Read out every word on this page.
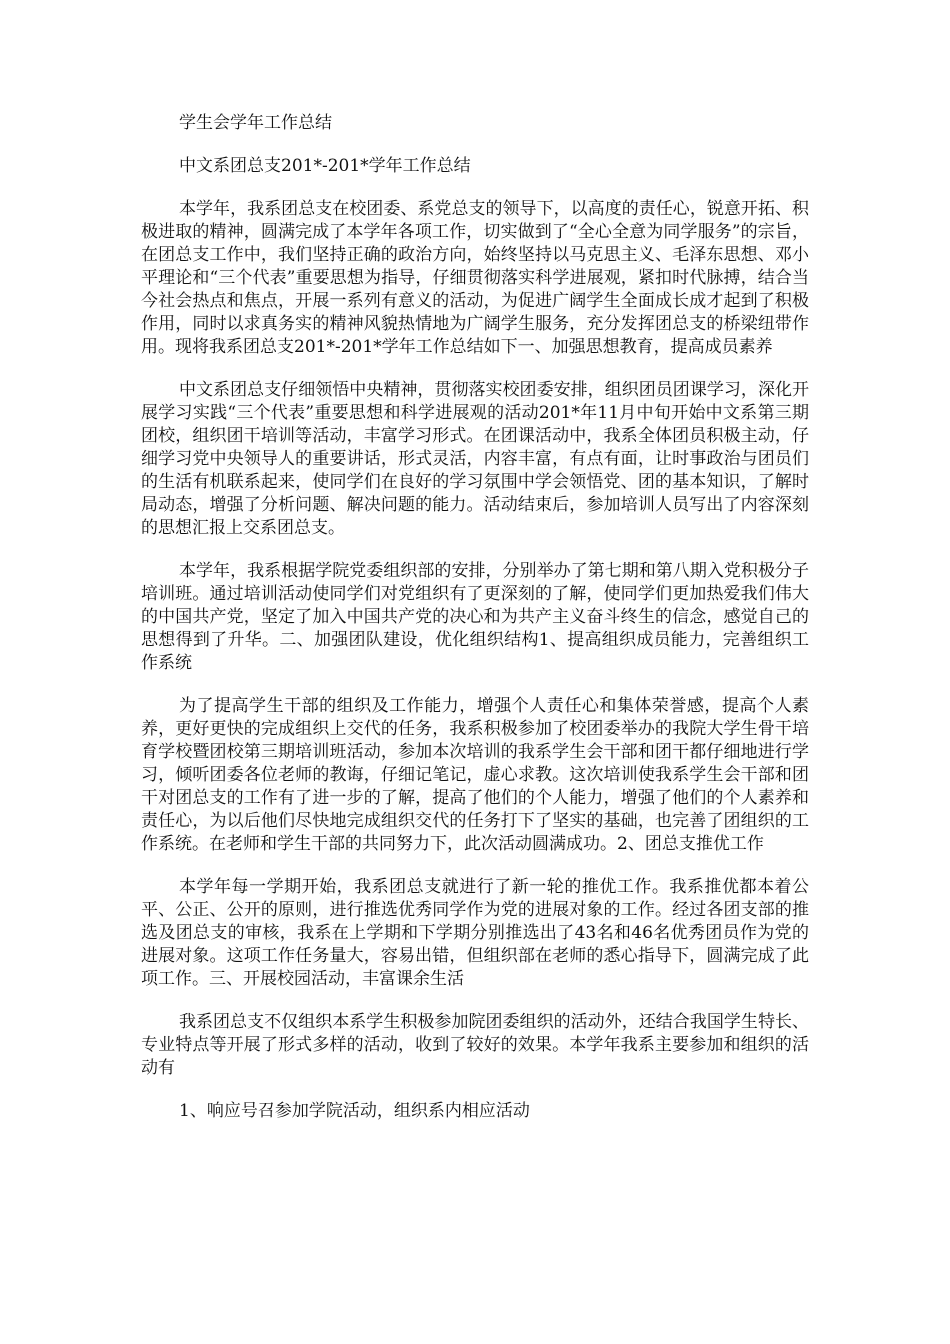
学生会学年工作总结

中文系团总支201*-201*学年工作总结

本学年，我系团总支在校团委、系党总支的领导下，以高度的责任心，锐意开拓、积极进取的精神，圆满完成了本学年各项工作，切实做到了“全心全意为同学服务”的宗旨，在团总支工作中，我们坚持正确的政治方向，始终坚持以马克思主义、毛泽东思想、邓小平理论和“三个代表”重要思想为指导，仔细贯彻落实科学进展观，紧扣时代脉搏，结合当今社会热点和焦点，开展一系列有意义的活动，为促进广阔学生全面成长成才起到了积极作用，同时以求真务实的精神风貌热情地为广阔学生服务，充分发挥团总支的桥梁纽带作用。现将我系团总支201*-201*学年工作总结如下一、加强思想教育，提高成员素养

中文系团总支仔细领悟中央精神，贯彻落实校团委安排，组织团员团课学习，深化开展学习实践“三个代表”重要思想和科学进展观的活动201*年11月中旬开始中文系第三期团校，组织团干培训等活动，丰富学习形式。在团课活动中，我系全体团员积极主动，仔细学习党中央领导人的重要讲话，形式灵活，内容丰富，有点有面，让时事政治与团员们的生活有机联系起来，使同学们在良好的学习氛围中学会领悟党、团的基本知识，了解时局动态，增强了分析问题、解决问题的能力。活动结束后，参加培训人员写出了内容深刻的思想汇报上交系团总支。

本学年，我系根据学院党委组织部的安排，分别举办了第七期和第八期入党积极分子培训班。通过培训活动使同学们对党组织有了更深刻的了解，使同学们更加热爱我们伟大的中国共产党，坚定了加入中国共产党的决心和为共产主义奋斗终生的信念，感觉自己的思想得到了升华。二、加强团队建设，优化组织结构1、提高组织成员能力，完善组织工作系统

为了提高学生干部的组织及工作能力，增强个人责任心和集体荣誉感，提高个人素养，更好更快的完成组织上交代的任务，我系积极参加了校团委举办的我院大学生骨干培育学校暨团校第三期培训班活动，参加本次培训的我系学生会干部和团干都仔细地进行学习，倾听团委各位老师的教诲，仔细记笔记，虚心求教。这次培训使我系学生会干部和团干对团总支的工作有了进一步的了解，提高了他们的个人能力，增强了他们的个人素养和责任心，为以后他们尽快地完成组织交代的任务打下了坚实的基础，也完善了团组织的工作系统。在老师和学生干部的共同努力下，此次活动圆满成功。2、团总支推优工作

本学年每一学期开始，我系团总支就进行了新一轮的推优工作。我系推优都本着公平、公正、公开的原则，进行推选优秀同学作为党的进展对象的工作。经过各团支部的推选及团总支的审核，我系在上学期和下学期分别推选出了43名和46名优秀团员作为党的进展对象。这项工作任务量大，容易出错，但组织部在老师的悉心指导下，圆满完成了此项工作。三、开展校园活动，丰富课余生活

我系团总支不仅组织本系学生积极参加院团委组织的活动外，还结合我国学生特长、专业特点等开展了形式多样的活动，收到了较好的效果。本学年我系主要参加和组织的活动有

1、响应号召参加学院活动，组织系内相应活动
